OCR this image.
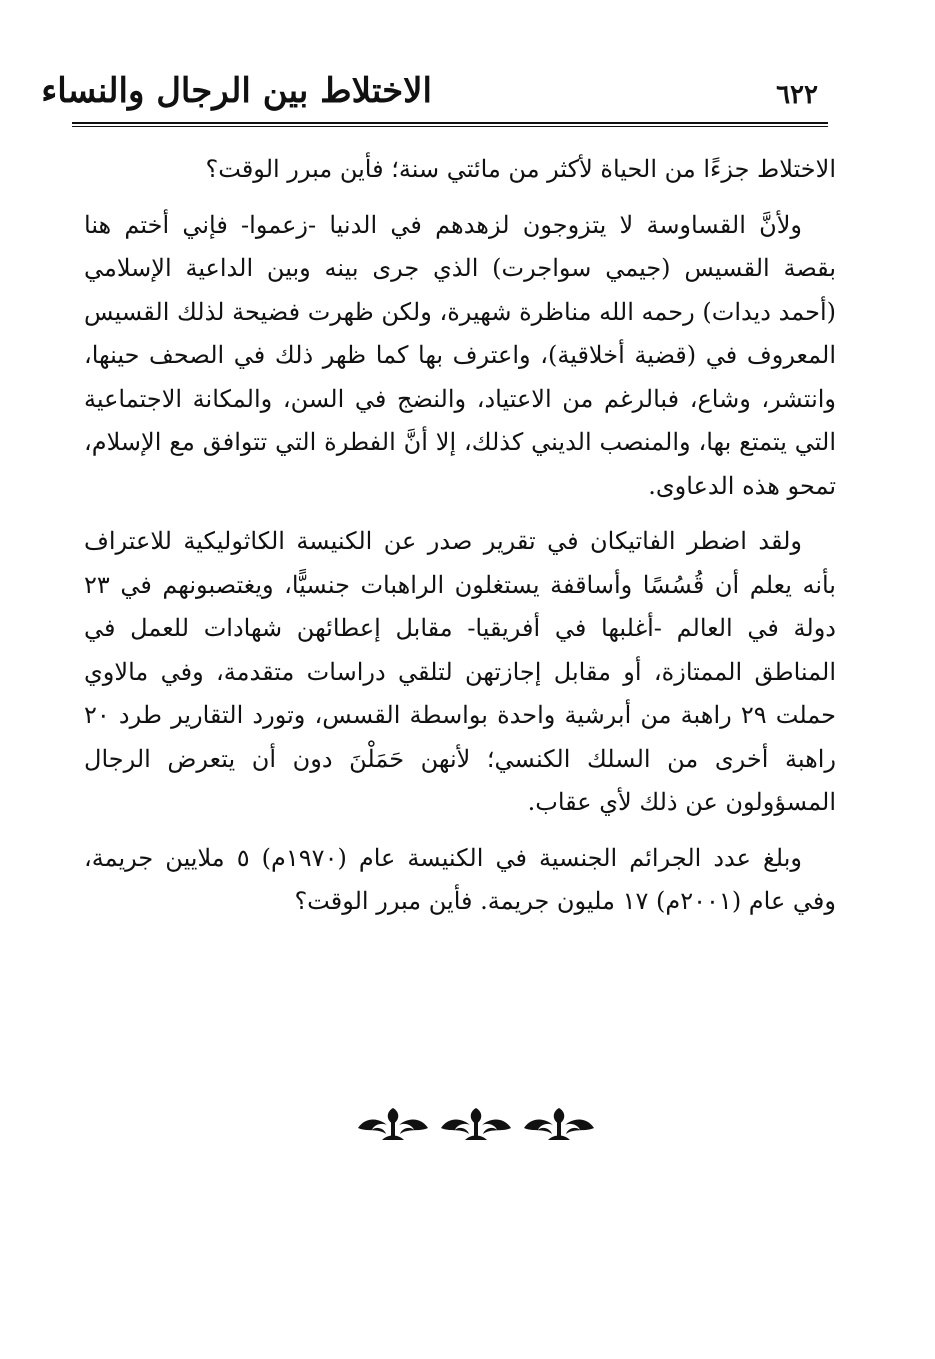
الاختلاط بين الرجال والنساء	٦٢٢

الاختلاط جزءًا من الحياة لأكثر من مائتي سنة؛ فأين مبرر الوقت؟

ولأنَّ القساوسة لا يتزوجون لزهدهم في الدنيا -زعموا- فإني أختم هنا بقصة القسيس (جيمي سواجرت) الذي جرى بينه وبين الداعية الإسلامي (أحمد ديدات) رحمه الله مناظرة شهيرة، ولكن ظهرت فضيحة لذلك القسيس المعروف في (قضية أخلاقية)، واعترف بها كما ظهر ذلك في الصحف حينها، وانتشر، وشاع، فبالرغم من الاعتياد، والنضج في السن، والمكانة الاجتماعية التي يتمتع بها، والمنصب الديني كذلك، إلا أنَّ الفطرة التي تتوافق مع الإسلام، تمحو هذه الدعاوى.

ولقد اضطر الفاتيكان في تقرير صدر عن الكنيسة الكاثوليكية للاعتراف بأنه يعلم أن قُسُسًا وأساقفة يستغلون الراهبات جنسيًّا، ويغتصبونهم في ٢٣ دولة في العالم -أغلبها في أفريقيا- مقابل إعطائهن شهادات للعمل في المناطق الممتازة، أو مقابل إجازتهن لتلقي دراسات متقدمة، وفي مالاوي حملت ٢٩ راهبة من أبرشية واحدة بواسطة القسس، وتورد التقارير طرد ٢٠ راهبة أخرى من السلك الكنسي؛ لأنهن حَمَلْنَ دون أن يتعرض الرجال المسؤولون عن ذلك لأي عقاب.

وبلغ عدد الجرائم الجنسية في الكنيسة عام (١٩٧٠م) ٥ ملايين جريمة، وفي عام (٢٠٠١م) ١٧ مليون جريمة. فأين مبرر الوقت؟
